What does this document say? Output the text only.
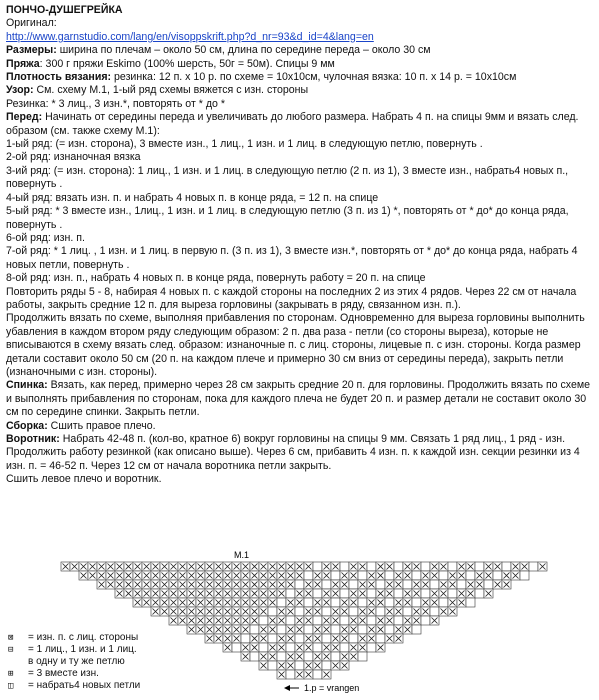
ПОНЧО-ДУШЕГРЕЙКА

Оригинал:

http://www.garnstudio.com/lang/en/visoppskrift.php?d_nr=93&d_id=4&lang=en

Размеры: ширина по плечам – около 50 см, длина по середине переда – около 30 см

Пряжа: 300 г пряжи Eskimo (100% шерсть, 50г = 50м). Спицы 9 мм

Плотность вязания: резинка: 12 п. х 10 р. по схеме = 10х10см, чулочная вязка: 10 п. х 14 р. = 10х10см

Узор: См. схему М.1, 1-ый ряд схемы вяжется с изн. стороны

Резинка: * 3 лиц., 3 изн.*, повторять от * до *

Перед: Начинать от середины переда и увеличивать до любого размера. Набрать 4 п. на спицы 9мм и вязать след. образом (см. также схему М.1):

1-ый ряд: (= изн. сторона), 3 вместе изн., 1 лиц., 1 изн. и 1 лиц. в следующую петлю, повернуть .

2-ой ряд: изнаночная вязка

3-ий ряд: (= изн. сторона): 1 лиц., 1 изн. и 1 лиц. в следующую петлю (2 п. из 1), 3 вместе изн., набрать4 новых п., повернуть .

4-ый ряд: вязать изн. п. и набрать 4 новых п. в конце ряда, = 12 п. на спице

5-ый ряд: * 3 вместе изн., 1лиц., 1 изн. и 1 лиц. в следующую петлю (3 п. из 1) *, повторять от * до* до конца ряда, повернуть .

6-ой ряд: изн. п.

7-ой ряд: * 1 лиц. , 1 изн. и 1 лиц. в первую п. (3 п. из 1), 3 вместе изн.*, повторять от * до* до конца ряда, набрать 4 новых петли, повернуть .

8-ой ряд: изн. п., набрать 4 новых п. в конце ряда, повернуть работу = 20 п. на спице

Повторить ряды 5 - 8, набирая 4 новых п. с каждой стороны на последних 2 из этих 4 рядов. Через 22 см от начала работы, закрыть средние 12 п. для выреза горловины (закрывать в ряду, связанном изн. п.).

Продолжить вязать по схеме, выполняя прибавления по сторонам. Одновременно для выреза горловины выполнить убавления в каждом втором ряду следующим образом: 2 п. два раза - петли (со стороны выреза), которые не вписываются в схему вязать след. образом: изнаночные п. с лиц. стороны, лицевые п. с изн. стороны. Когда размер детали составит около 50 см (20 п. на каждом плече и примерно 30 см вниз от середины переда), закрыть петли (изнаночными с изн. стороны).

Спинка: Вязать, как перед, примерно через 28 см закрыть средние 20 п. для горловины. Продолжить вязать по схеме и выполнять прибавления по сторонам, пока для каждого плеча не будет 20 п. и размер детали не составит около 30 см по середине спинки. Закрыть петли.

Сборка: Сшить правое плечо.

Воротник: Набрать 42-48 п. (кол-во, кратное 6) вокруг горловины на спицы 9 мм. Связать 1 ряд лиц., 1 ряд - изн. Продолжить работу резинкой (как описано выше). Через 6 см, прибавить 4 изн. п. к каждой изн. секции резинки из 4 изн. п. = 46-52 п. Через 12 см от начала воротника петли закрыть.

Сшить левое плечо и воротник.

M.1
1.p = vrangen
⊠	= изн. п. с лиц. стороны
⊟	= 1 лиц., 1 изн. и 1 лиц.
в одну и ту же петлю
⊞	= 3 вместе изн.
◫	= набрать4 новых петли
